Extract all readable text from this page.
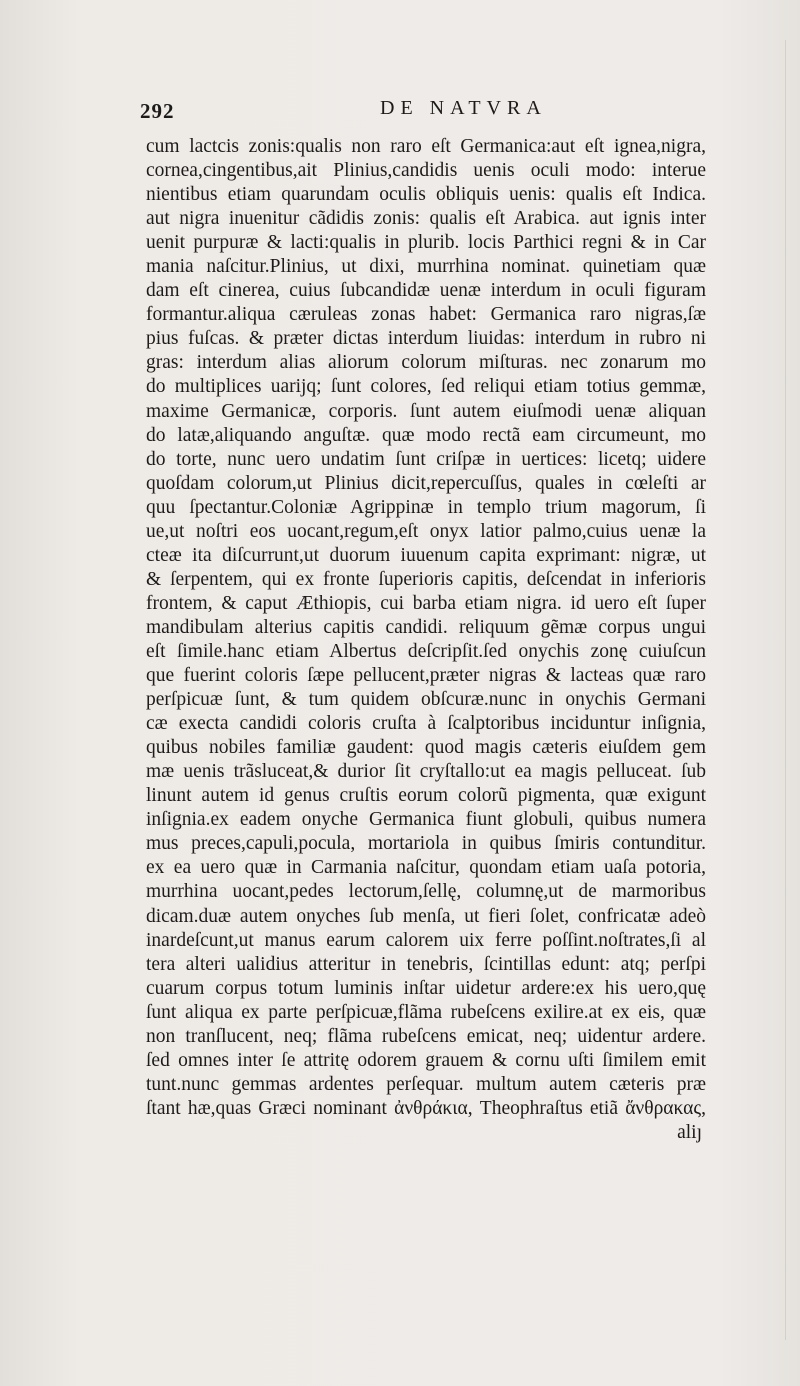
292	DE NATVRA
cum lactcis zonis:qualis non raro eſt Germanica:aut eſt ignea,nigra,
cornea,cingentibus,ait Plinius,candidis uenis oculi modo: interue
nientibus etiam quarundam oculis obliquis uenis: qualis eſt Indica.
aut nigra inuenitur cãdidis zonis: qualis eſt Arabica. aut ignis inter
uenit purpuræ & lacti:qualis in plurib. locis Parthici regni & in Car
mania naſcitur.Plinius, ut dixi, murrhina nominat. quinetiam quæ
dam eſt cinerea, cuius ſubcandidæ uenæ interdum in oculi figuram
formantur.aliqua cæruleas zonas habet: Germanica raro nigras,ſæ
pius fuſcas. & præter dictas interdum liuidas: interdum in rubro ni
gras: interdum alias aliorum colorum miſturas. nec zonarum mo
do multiplices uarijq; ſunt colores, ſed reliqui etiam totius gemmæ,
maxime Germanicæ, corporis. ſunt autem eiuſmodi uenæ aliquan
do latæ,aliquando anguſtæ. quæ modo rectã eam circumeunt, mo
do torte, nunc uero undatim ſunt criſpæ in uertices: licetq; uidere
quoſdam colorum,ut Plinius dicit,repercuſſus, quales in cœleſti ar
quu ſpectantur.Coloniæ Agrippinæ in templo trium magorum, ſi
ue,ut noſtri eos uocant,regum,eſt onyx latior palmo,cuius uenæ la
cteæ ita diſcurrunt,ut duorum iuuenum capita exprimant: nigræ, ut
& ſerpentem, qui ex fronte ſuperioris capitis, deſcendat in inferioris
frontem, & caput Æthiopis, cui barba etiam nigra. id uero eſt ſuper
mandibulam alterius capitis candidi. reliquum gẽmæ corpus ungui
eſt ſimile.hanc etiam Albertus deſcripſit.ſed onychis zonę cuiuſcun
que fuerint coloris ſæpe pellucent,præter nigras & lacteas quæ raro
perſpicuæ ſunt, & tum quidem obſcuræ.nunc in onychis Germani
cæ execta candidi coloris cruſta à ſcalptoribus inciduntur inſignia,
quibus nobiles familiæ gaudent: quod magis cæteris eiuſdem gem
mæ uenis trãsluceat,& durior ſit cryſtallo:ut ea magis pelluceat. ſub
linunt autem id genus cruſtis eorum colorũ pigmenta, quæ exigunt
inſignia.ex eadem onyche Germanica fiunt globuli, quibus numera
mus preces,capuli,pocula, mortariola in quibus ſmiris contunditur.
ex ea uero quæ in Carmania naſcitur, quondam etiam uaſa potoria,
murrhina uocant,pedes lectorum,ſellę, columnę,ut de marmoribus
dicam.duæ autem onyches ſub menſa, ut fieri ſolet, confricatæ adeò
inardeſcunt,ut manus earum calorem uix ferre poſſint.noſtrates,ſi al
tera alteri ualidius atteritur in tenebris, ſcintillas edunt: atq; perſpi
cuarum corpus totum luminis inſtar uidetur ardere:ex his uero,quę
ſunt aliqua ex parte perſpicuæ,flãma rubeſcens exilire.at ex eis, quæ
non tranſlucent, neq; flãma rubeſcens emicat, neq; uidentur ardere.
ſed omnes inter ſe attritę odorem grauem & cornu uſti ſimilem emit
tunt.nunc gemmas ardentes perſequar. multum autem cæteris præ
ſtant hæ,quas Græci nominant ἀνθράκια, Theophraſtus etiã ἄνθρακας,
aliȷ
